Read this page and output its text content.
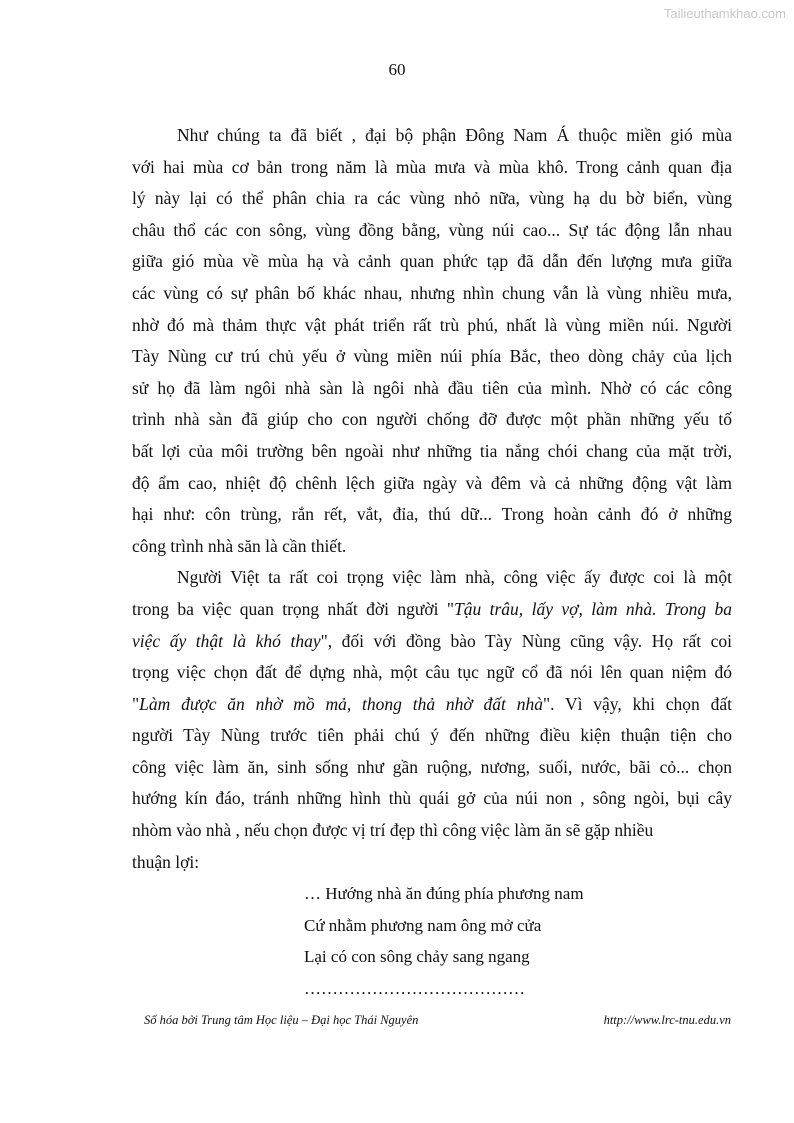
Tailieuthamkhao.com
60
Như chúng ta đã biết , đại bộ phận Đông Nam Á thuộc miền gió mùa
với hai mùa cơ bản trong năm là mùa mưa và mùa khô. Trong cảnh quan địa
lý này lại có thể phân chia ra các vùng nhỏ nữa, vùng hạ du bờ biển, vùng
châu thổ các con sông, vùng đồng bằng, vùng núi cao... Sự tác động lẫn nhau
giữa gió mùa về mùa hạ và cảnh quan phức tạp đã dẫn đến lượng mưa giữa
các vùng có sự phân bố khác nhau, nhưng nhìn chung vẫn là vùng nhiều mưa,
nhờ đó mà thảm thực vật phát triển rất trù phú, nhất là vùng miền núi. Người
Tày Nùng cư trú chủ yếu ở vùng miền núi phía Bắc, theo dòng chảy của lịch
sử họ đã làm ngôi nhà sàn là ngôi nhà đầu tiên của mình. Nhờ có các công
trình nhà sàn đã giúp cho con người chống đỡ được một phần những yếu tố
bất lợi của môi trường bên ngoài như những tia nắng chói chang của mặt trời,
độ ẩm cao, nhiệt độ chênh lệch giữa ngày và đêm và cả những động vật làm
hại như: côn trùng, rắn rết, vắt, đỉa, thú dữ... Trong hoàn cảnh đó ở những
công trình nhà săn là cần thiết.
Người Việt ta rất coi trọng việc làm nhà, công việc ấy được coi là một
trong ba việc quan trọng nhất đời người "Tậu trâu, lấy vợ, làm nhà. Trong ba
việc ấy thật là khó thay", đối với đồng bào Tày Nùng cũng vậy. Họ rất coi
trọng việc chọn đất để dựng nhà, một câu tục ngữ cổ đã nói lên quan niệm đó
"Làm được ăn nhờ mồ mả, thong thả nhờ đất nhà". Vì vậy, khi chọn đất
người Tày Nùng trước tiên phải chú ý đến những điều kiện thuận tiện cho
công việc làm ăn, sinh sống như gần ruộng, nương, suối, nước, bãi cỏ... chọn
hướng kín đáo, tránh những hình thù quái gở của núi non , sông ngòi, bụi cây
nhòm vào nhà , nếu chọn được vị trí đẹp thì công việc làm ăn sẽ gặp nhiều
thuận lợi:
… Hướng nhà ăn đúng phía phương nam
Cứ nhằm phương nam ông mở cửa
Lại có con sông chảy sang ngang
…………………………………
Số hóa bởi Trung tâm Học liệu – Đại học Thái Nguyên	http://www.lrc-tnu.edu.vn
